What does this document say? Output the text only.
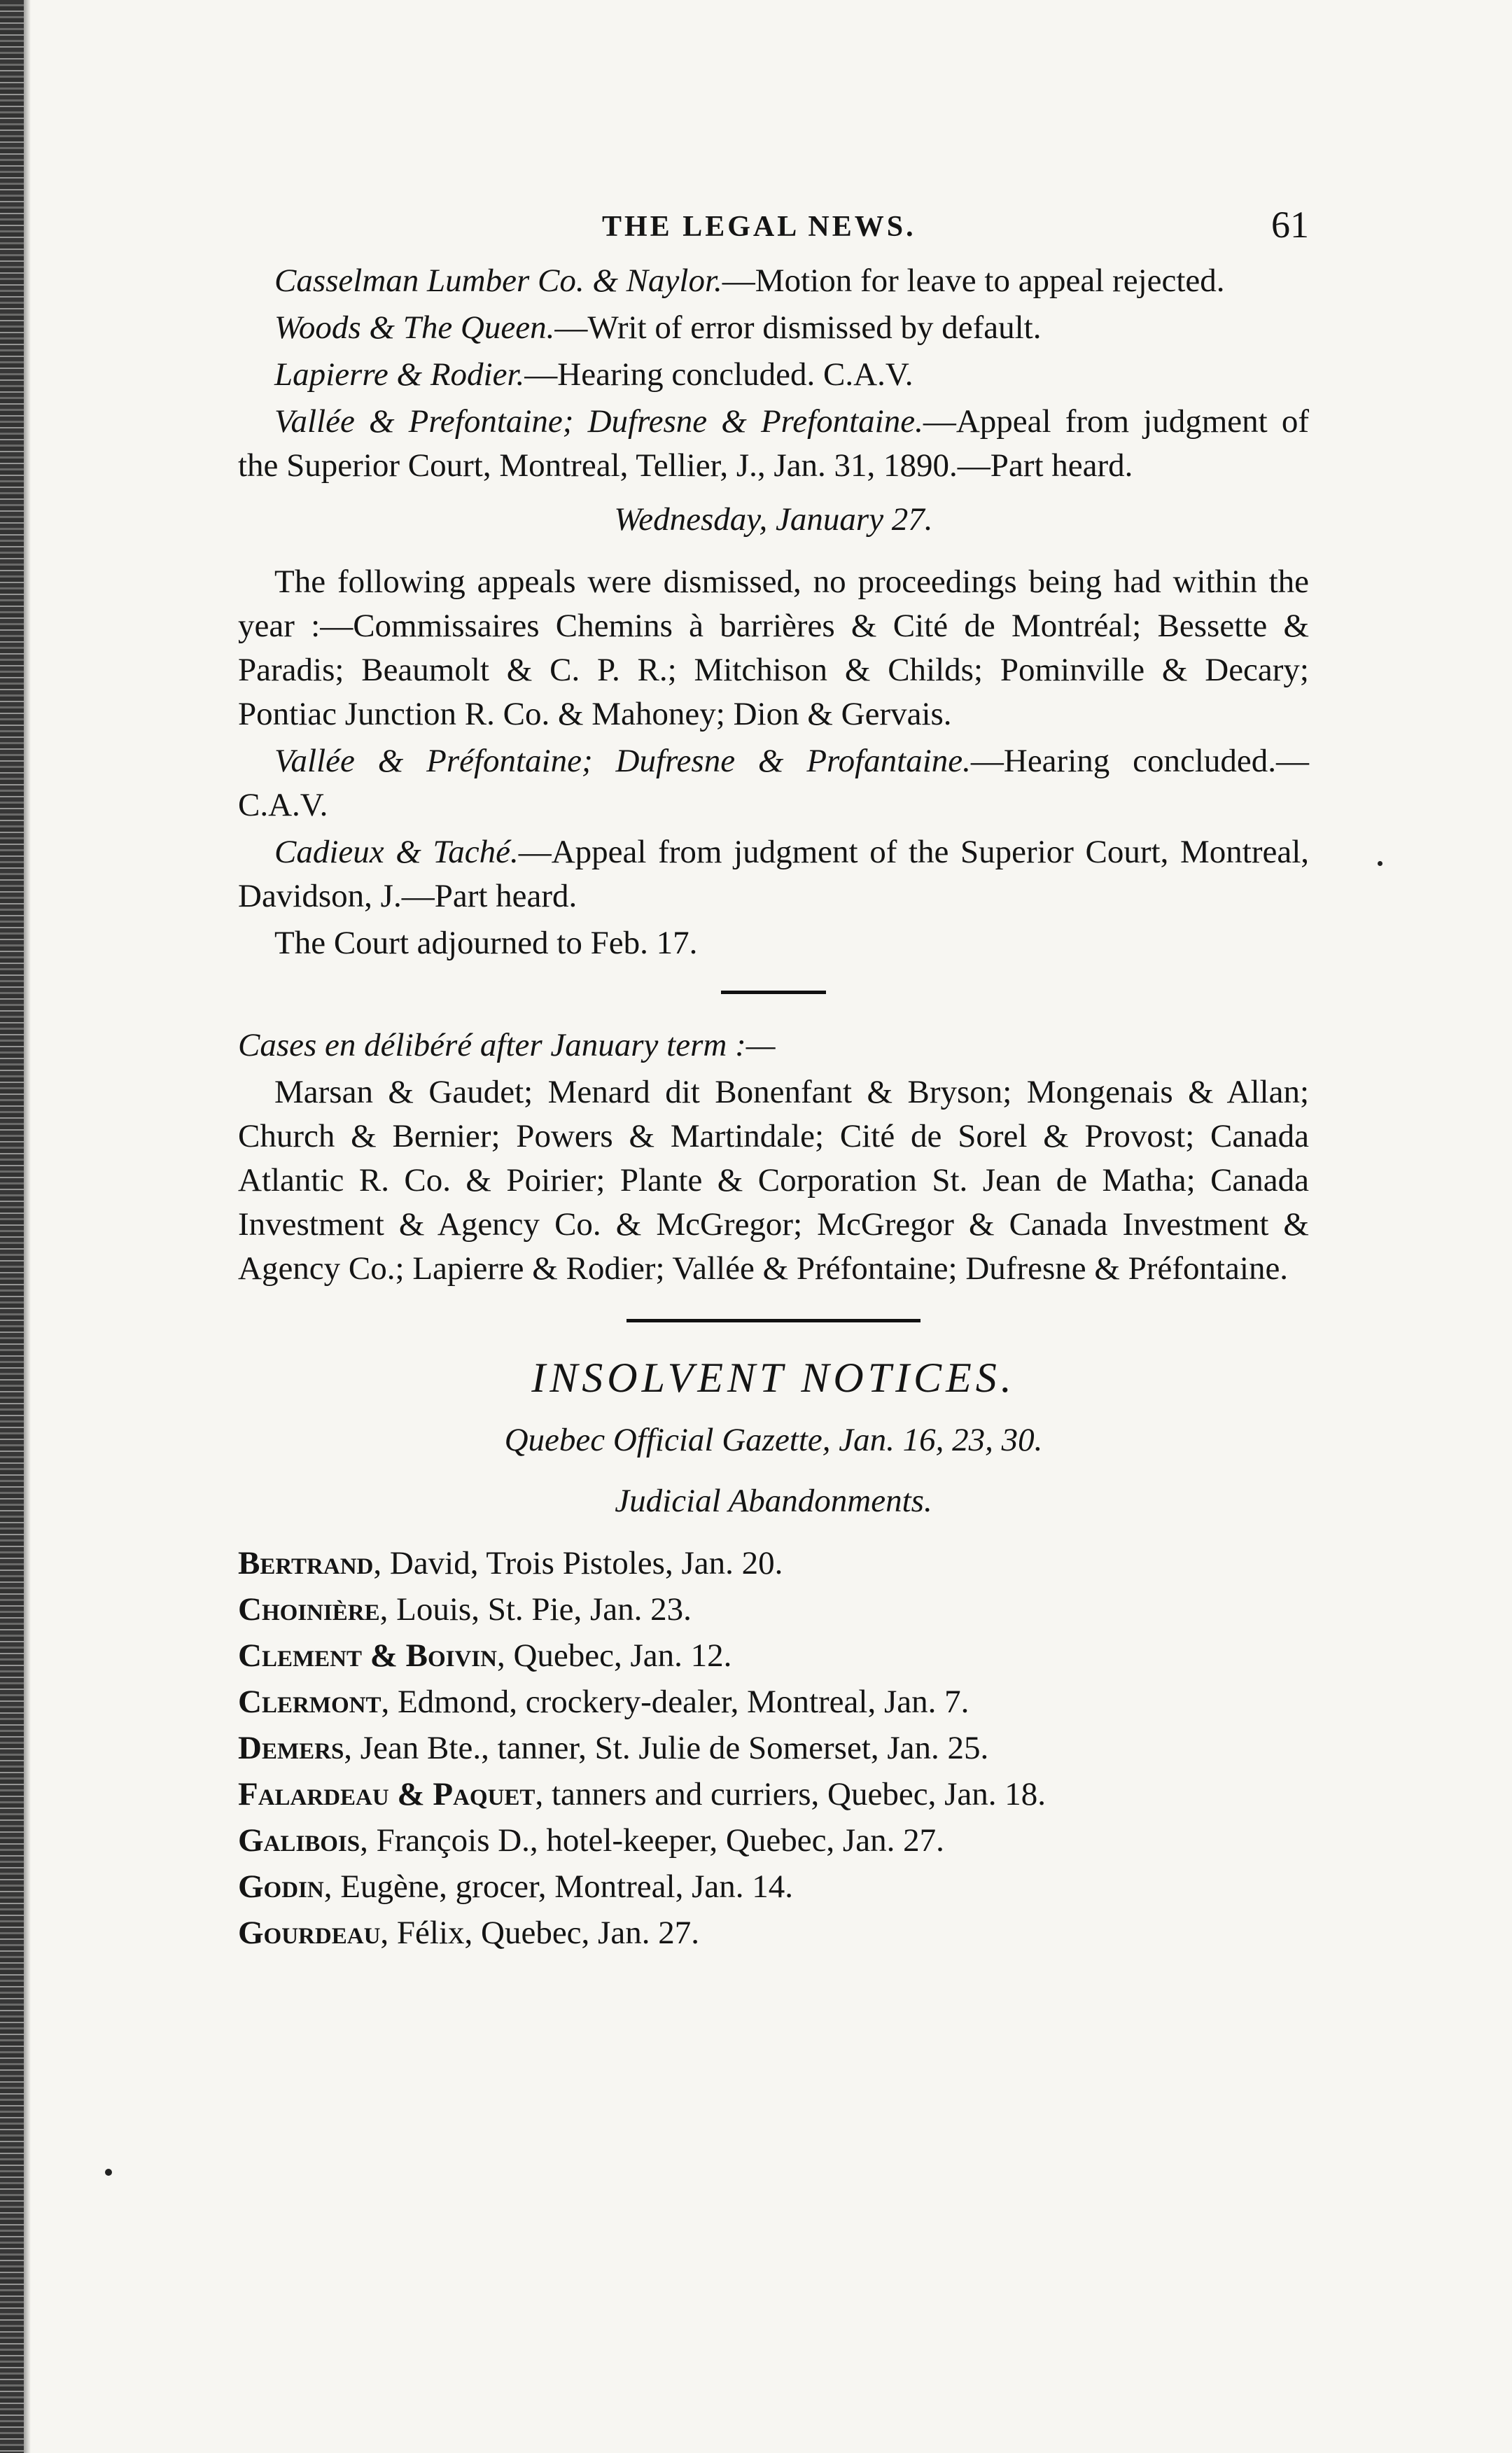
THE LEGAL NEWS.	61

Casselman Lumber Co. & Naylor.—Motion for leave to appeal rejected.

Woods & The Queen.—Writ of error dismissed by default.

Lapierre & Rodier.—Hearing concluded. C.A.V.

Vallée & Prefontaine; Dufresne & Prefontaine.—Appeal from judgment of the Superior Court, Montreal, Tellier, J., Jan. 31, 1890.—Part heard.

Wednesday, January 27.

The following appeals were dismissed, no proceedings being had within the year :—Commissaires Chemins à barrières & Cité de Montréal; Bessette & Paradis; Beaumolt & C. P. R.; Mitchison & Childs; Pominville & Decary; Pontiac Junction R. Co. & Mahoney; Dion & Gervais.

Vallée & Préfontaine; Dufresne & Profantaine.—Hearing concluded.—C.A.V.

Cadieux & Taché.—Appeal from judgment of the Superior Court, Montreal, Davidson, J.—Part heard.

The Court adjourned to Feb. 17.

Cases en délibéré after January term :—

Marsan & Gaudet; Menard dit Bonenfant & Bryson; Mongenais & Allan; Church & Bernier; Powers & Martindale; Cité de Sorel & Provost; Canada Atlantic R. Co. & Poirier; Plante & Corporation St. Jean de Matha; Canada Investment & Agency Co. & McGregor; McGregor & Canada Investment & Agency Co.; Lapierre & Rodier; Vallée & Préfontaine; Dufresne & Préfontaine.

INSOLVENT NOTICES.
Quebec Official Gazette, Jan. 16, 23, 30.
Judicial Abandonments.

Bertrand, David, Trois Pistoles, Jan. 20.

Choinière, Louis, St. Pie, Jan. 23.

Clement & Boivin, Quebec, Jan. 12.

Clermont, Edmond, crockery-dealer, Montreal, Jan. 7.

Demers, Jean Bte., tanner, St. Julie de Somerset, Jan. 25.

Falardeau & Paquet, tanners and curriers, Quebec, Jan. 18.

Galibois, François D., hotel-keeper, Quebec, Jan. 27.

Godin, Eugène, grocer, Montreal, Jan. 14.

Gourdeau, Félix, Quebec, Jan. 27.
